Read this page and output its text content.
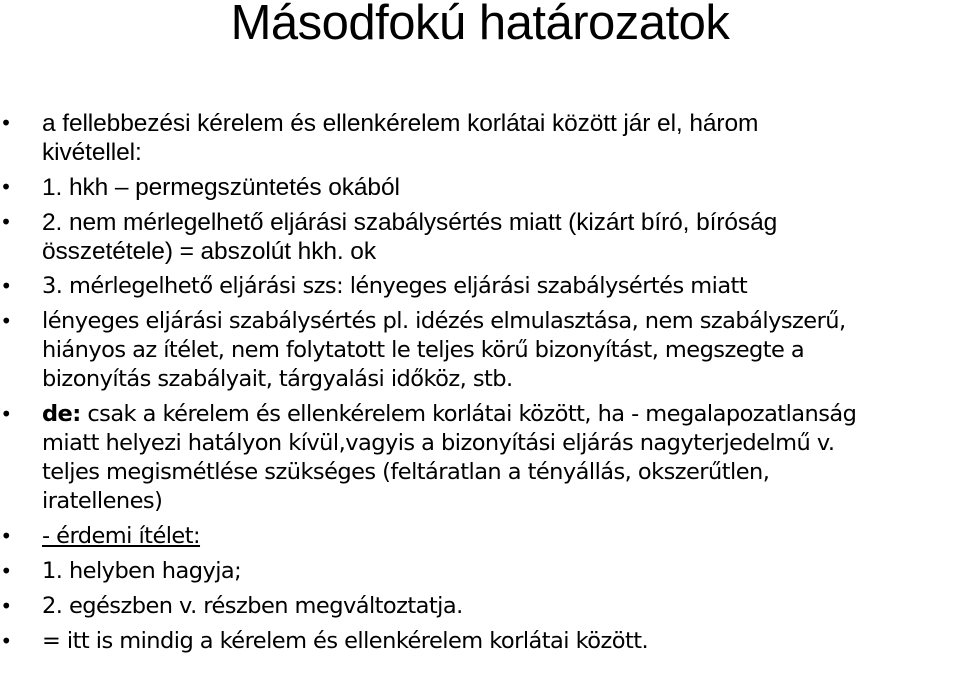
Másodfokú határozatok
• a fellebbezési kérelem és ellenkérelem korlátai között jár el, három
kivétellel:
• 1. hkh – permegszüntetés okából
• 2. nem mérlegelhető eljárási szabálysértés miatt (kizárt bíró, bíróság
összetétele) = abszolút hkh. ok
• 3. mérlegelhető eljárási szs: lényeges eljárási szabálysértés miatt
• lényeges eljárási szabálysértés pl. idézés elmulasztása, nem szabályszerű,
hiányos az ítélet, nem folytatott le teljes körű bizonyítást, megszegte a
bizonyítás szabályait, tárgyalási időköz, stb.
• de: csak a kérelem és ellenkérelem korlátai között, ha - megalapozatlanság
miatt helyezi hatályon kívül,vagyis a bizonyítási eljárás nagyterjedelmű v.
teljes megismétlése szükséges (feltáratlan a tényállás, okszerűtlen,
iratellenes)
• - érdemi ítélet:
• 1. helyben hagyja;
• 2. egészben v. részben megváltoztatja.
• = itt is mindig a kérelem és ellenkérelem korlátai között.
